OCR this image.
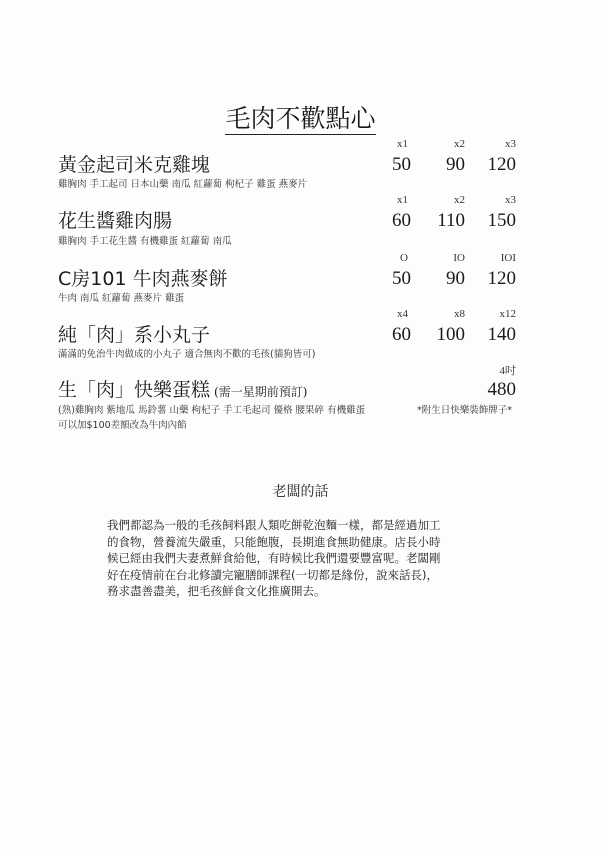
毛肉不歡點心
x1	x2	x3
黃金起司米克雞塊	50	90	120
雞胸肉 手工起司 日本山藥 南瓜 紅蘿蔔 枸杞子 雞蛋 燕麥片
x1	x2	x3
花生醬雞肉腸	60	110	150
雞胸肉 手工花生醬 有機雞蛋 紅蘿蔔 南瓜
O	IO	IOI
C房101 牛肉燕麥餅	50	90	120
牛肉 南瓜 紅蘿蔔 燕麥片 雞蛋
x4	x8	x12
純「肉」系小丸子	60	100	140
滿滿的免治牛肉做成的小丸子 適合無肉不歡的毛孩(貓狗皆可)
4吋
生「肉」快樂蛋糕 (需一星期前預訂)	480
(熟)雞胸肉 紫地瓜 馬鈴薯 山藥 枸杞子 手工毛起司 優格 腰果碎 有機雞蛋	*附生日快樂裝飾牌子*
可以加$100差額改為牛肉內餡
老闆的話
我們都認為一般的毛孩飼料跟人類吃餅乾泡麵一樣，都是經過加工
的食物，營養流失嚴重，只能飽腹，長期進食無助健康。店長小時
候已經由我們夫妻煮鮮食給他，有時候比我們還要豐富呢。老闆剛
好在疫情前在台北修讀完寵膳師課程(一切都是緣份，說來話長)，
務求盡善盡美，把毛孩鮮食文化推廣開去。
